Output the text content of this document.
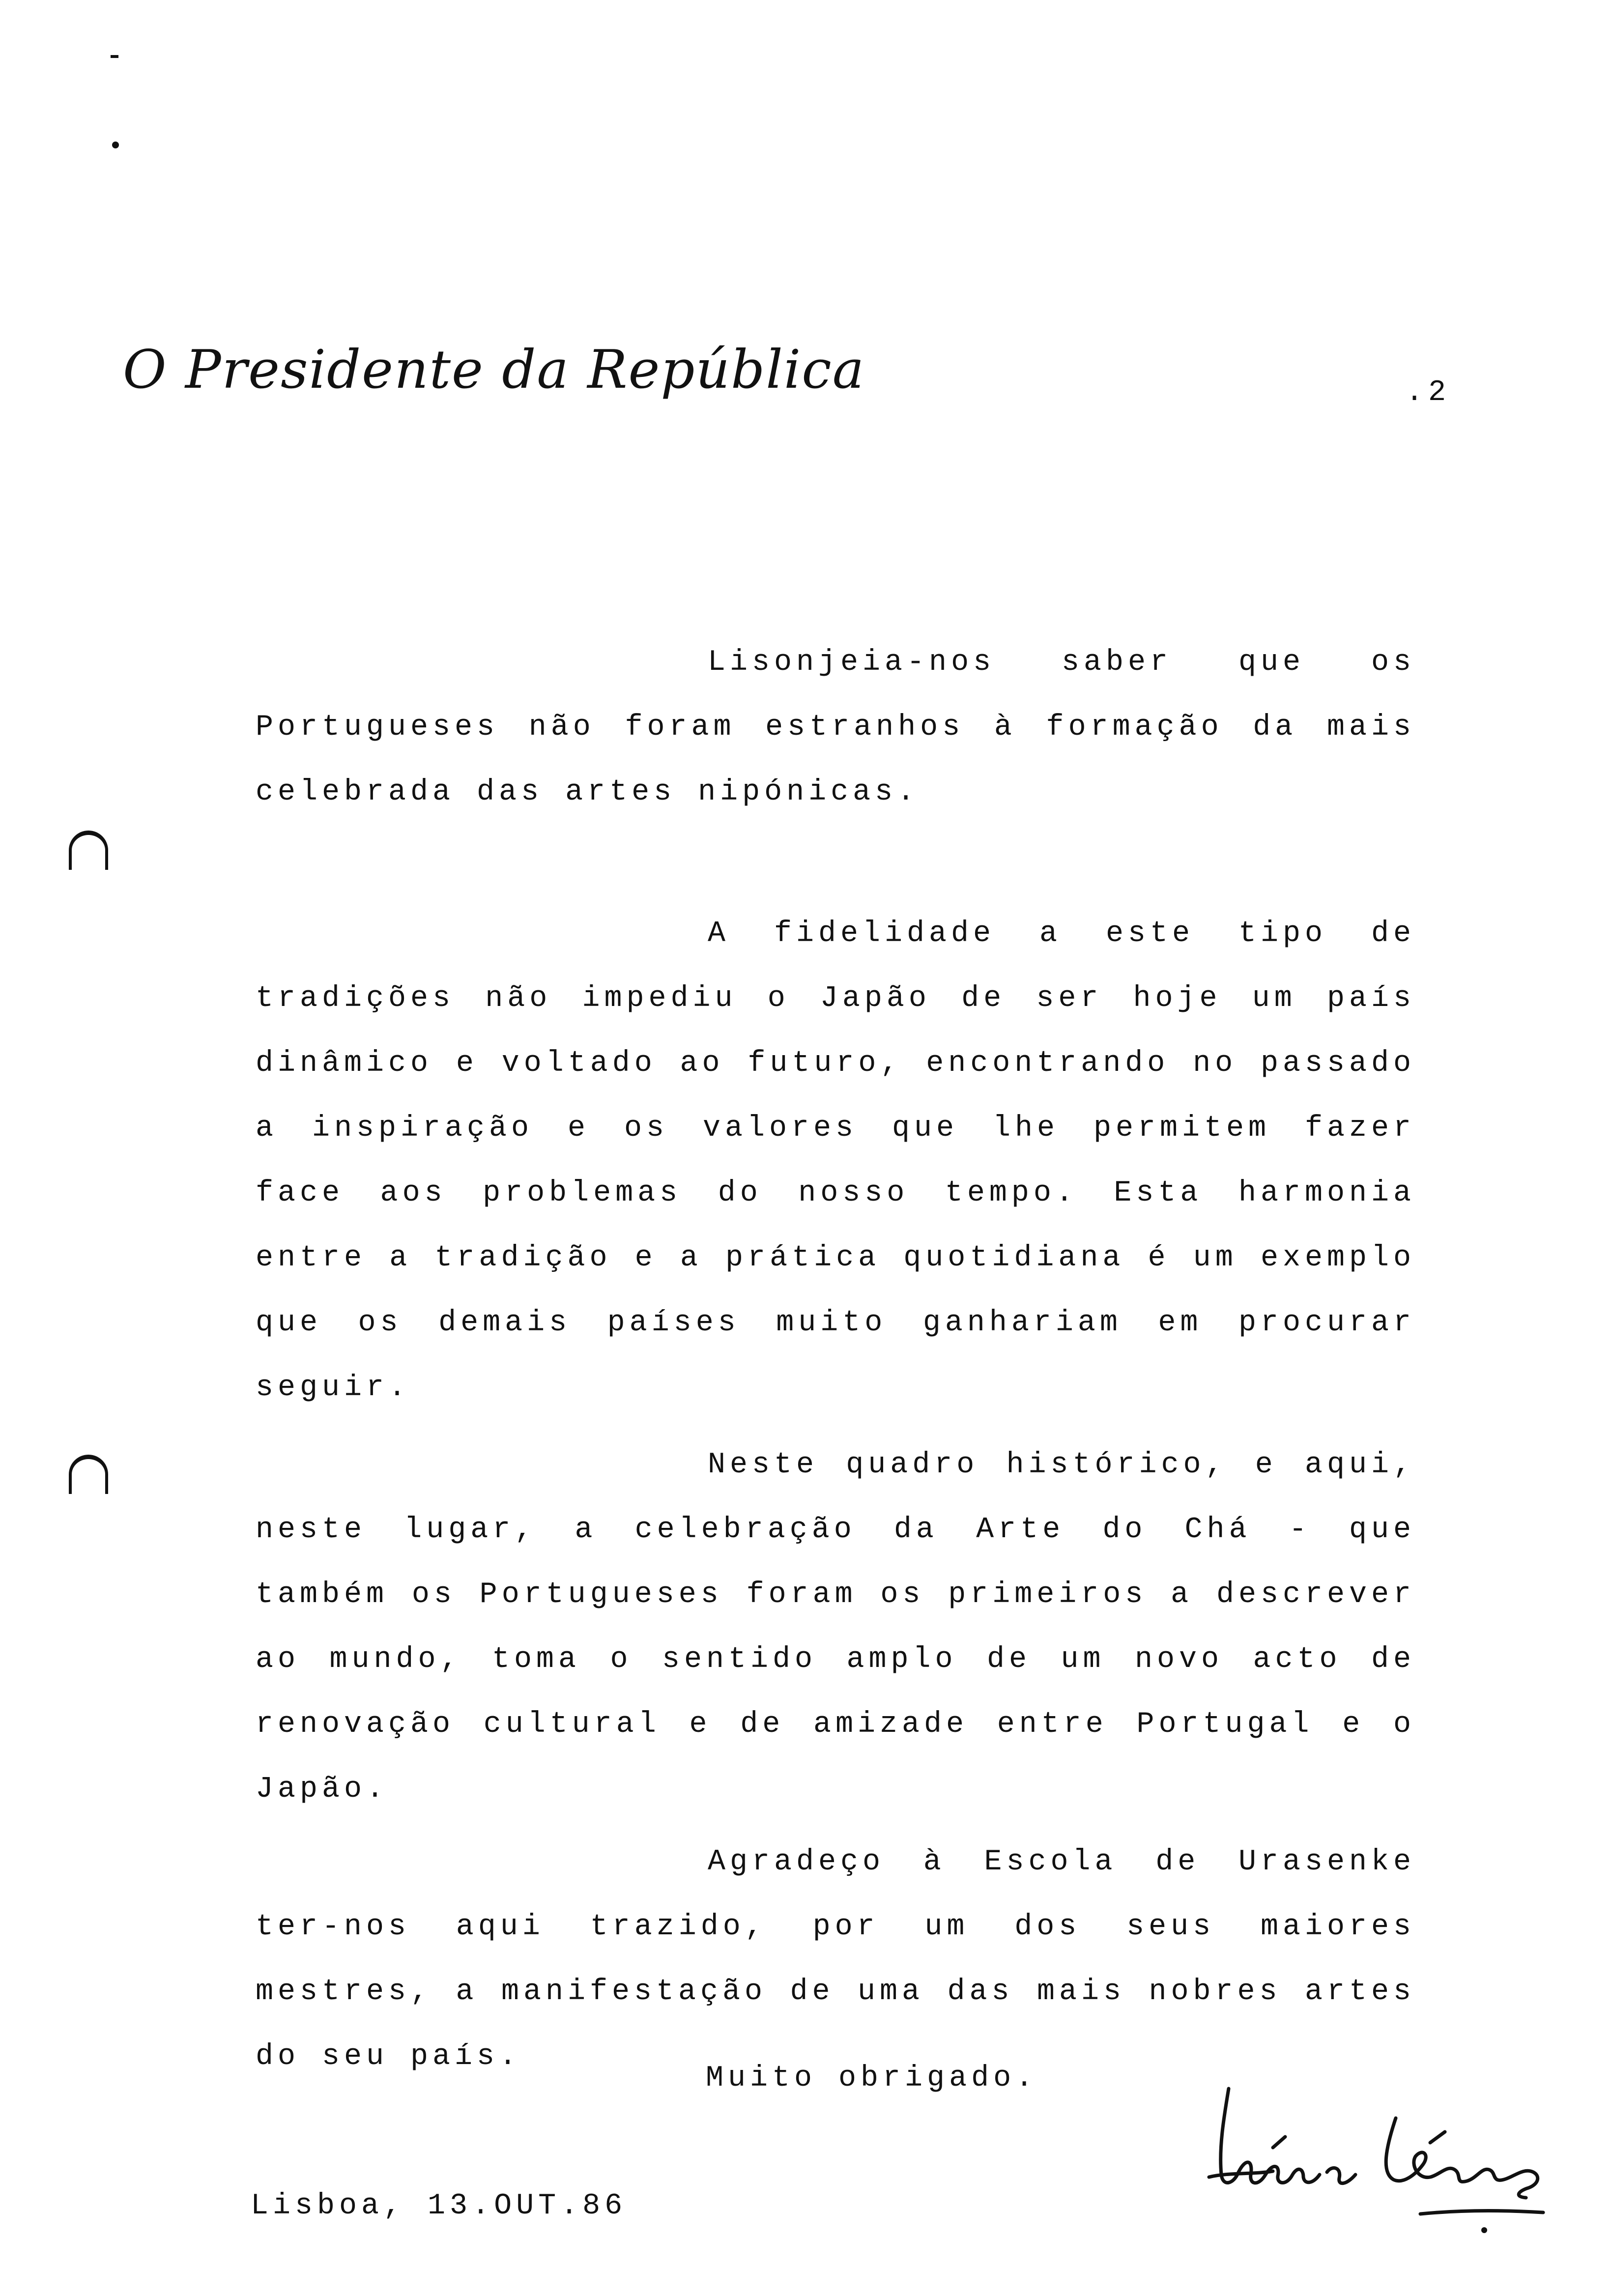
O Presidente da República	.2

Lisonjeia-nos saber que os Portugueses não foram estranhos à formação da mais celebrada das artes nipónicas.

A fidelidade a este tipo de tradições não impediu o Japão de ser hoje um país dinâmico e voltado ao futuro, encontrando no passado a inspiração e os valores que lhe permitem fazer face aos problemas do nosso tempo. Esta harmonia entre a tradição e a prática quotidiana é um exemplo que os demais países muito ganhariam em procurar seguir.

Neste quadro histórico, e aqui, neste lugar, a celebração da Arte do Chá - que também os Portugueses foram os primeiros a descrever ao mundo, toma o sentido amplo de um novo acto de renovação cultural e de amizade entre Portugal e o Japão.

Agradeço à Escola de Urasenke ter-nos aqui trazido, por um dos seus maiores mestres, a manifestação de uma das mais nobres artes do seu país.

Muito obrigado.
Lisboa, 13.OUT.86
